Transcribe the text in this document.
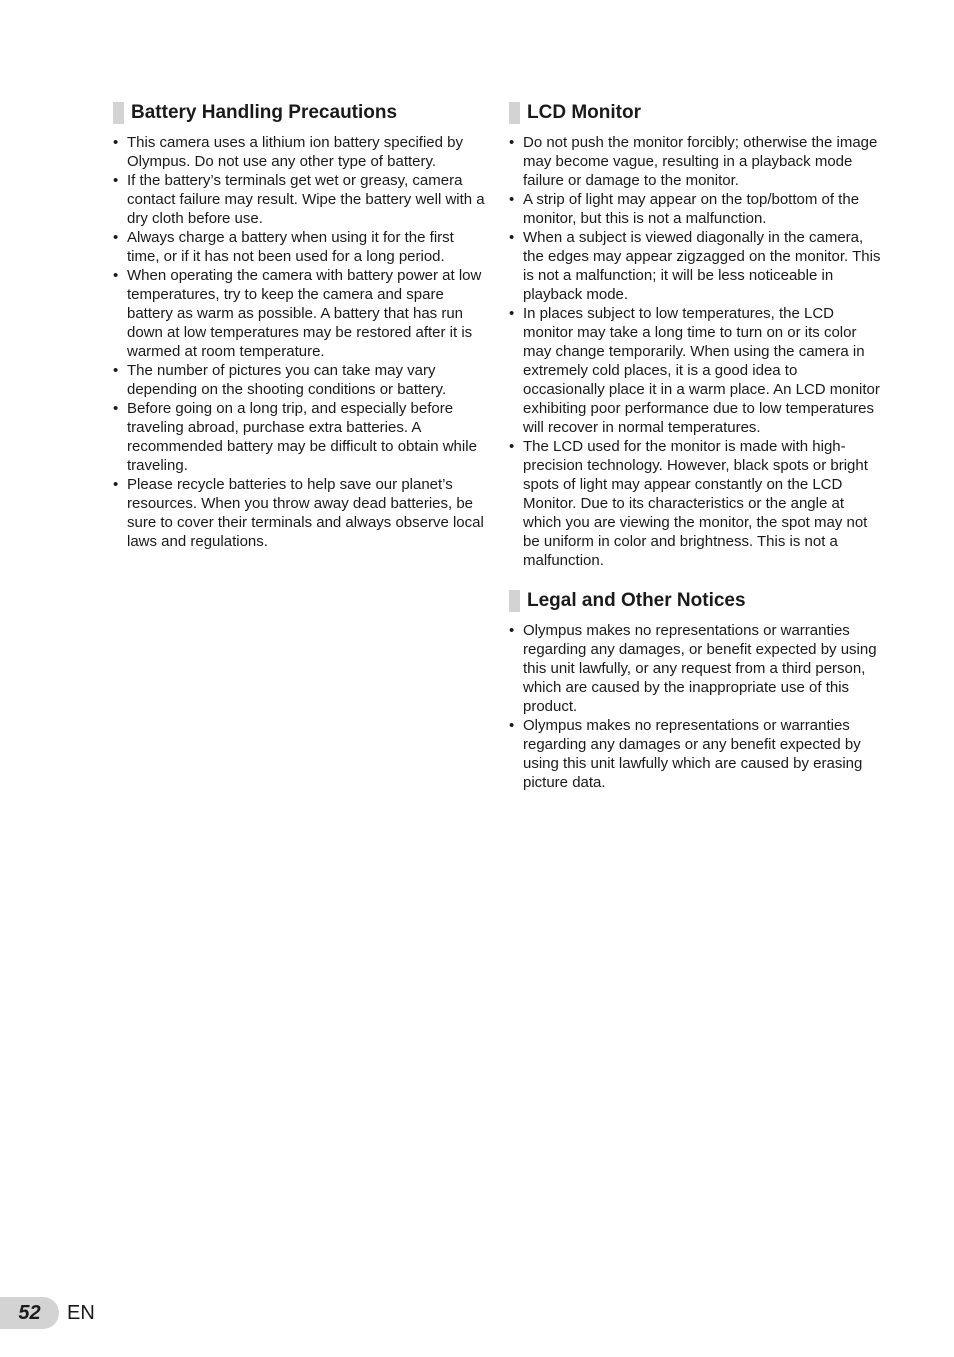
Battery Handling Precautions
• This camera uses a lithium ion battery specified by Olympus. Do not use any other type of battery.
• If the battery’s terminals get wet or greasy, camera contact failure may result. Wipe the battery well with a dry cloth before use.
• Always charge a battery when using it for the first time, or if it has not been used for a long period.
• When operating the camera with battery power at low temperatures, try to keep the camera and spare battery as warm as possible. A battery that has run down at low temperatures may be restored after it is warmed at room temperature.
• The number of pictures you can take may vary depending on the shooting conditions or battery.
• Before going on a long trip, and especially before traveling abroad, purchase extra batteries. A recommended battery may be difficult to obtain while traveling.
• Please recycle batteries to help save our planet’s resources. When you throw away dead batteries, be sure to cover their terminals and always observe local laws and regulations.
LCD Monitor
• Do not push the monitor forcibly; otherwise the image may become vague, resulting in a playback mode failure or damage to the monitor.
• A strip of light may appear on the top/bottom of the monitor, but this is not a malfunction.
• When a subject is viewed diagonally in the camera, the edges may appear zigzagged on the monitor. This is not a malfunction; it will be less noticeable in playback mode.
• In places subject to low temperatures, the LCD monitor may take a long time to turn on or its color may change temporarily. When using the camera in extremely cold places, it is a good idea to occasionally place it in a warm place. An LCD monitor exhibiting poor performance due to low temperatures will recover in normal temperatures.
• The LCD used for the monitor is made with high-precision technology. However, black spots or bright spots of light may appear constantly on the LCD Monitor. Due to its characteristics or the angle at which you are viewing the monitor, the spot may not be uniform in color and brightness. This is not a malfunction.
Legal and Other Notices
• Olympus makes no representations or warranties regarding any damages, or benefit expected by using this unit lawfully, or any request from a third person, which are caused by the inappropriate use of this product.
• Olympus makes no representations or warranties regarding any damages or any benefit expected by using this unit lawfully which are caused by erasing picture data.
52	EN
